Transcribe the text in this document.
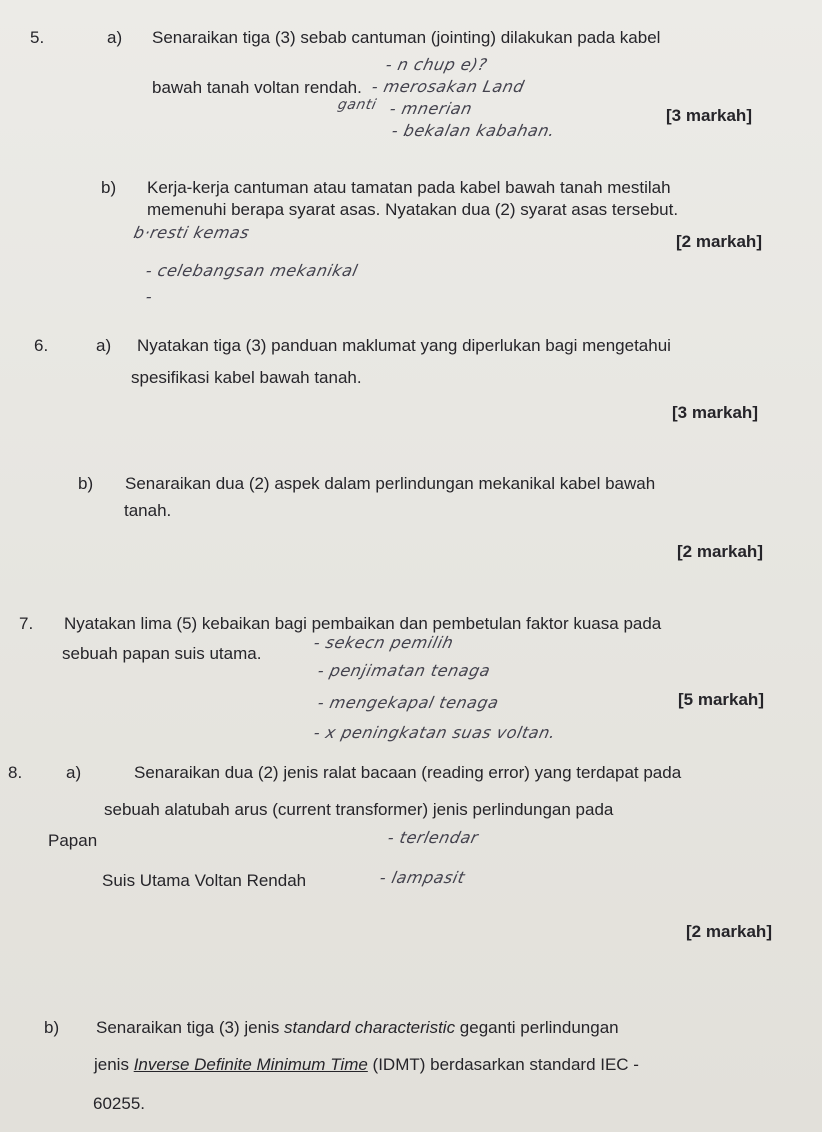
5.	a) Senaraikan tiga (3) sebab cantuman (jointing) dilakukan pada kabel
bawah tanah voltan rendah.
- n chup e)?
- merosakan Land
ganti - mnerian
- bekalan kabahan.
[3 markah]
b) Kerja-kerja cantuman atau tamatan pada kabel bawah tanah mestilah
memenuhi berapa syarat asas. Nyatakan dua (2) syarat asas tersebut.
b·resti kemas	[2 markah]
- celebangsan mekanikal
-
6.	a) Nyatakan tiga (3) panduan maklumat yang diperlukan bagi mengetahui
spesifikasi kabel bawah tanah.
[3 markah]
b) Senaraikan dua (2) aspek dalam perlindungan mekanikal kabel bawah
tanah.
[2 markah]
7. Nyatakan lima (5) kebaikan bagi pembaikan dan pembetulan faktor kuasa pada
sebuah papan suis utama.
- sekecn pemilih
- penjimatan tenaga
- mengekapal tenaga	[5 markah]
- x peningkatan suas voltan.
8.	a)	Senaraikan dua (2) jenis ralat bacaan (reading error) yang terdapat pada
sebuah alatubah arus (current transformer) jenis perlindungan pada
Papan	- terlendar
Suis Utama Voltan Rendah	- lampasit
[2 markah]
b) Senaraikan tiga (3) jenis standard characteristic geganti perlindungan
jenis Inverse Definite Minimum Time (IDMT) berdasarkan standard IEC -
60255.
